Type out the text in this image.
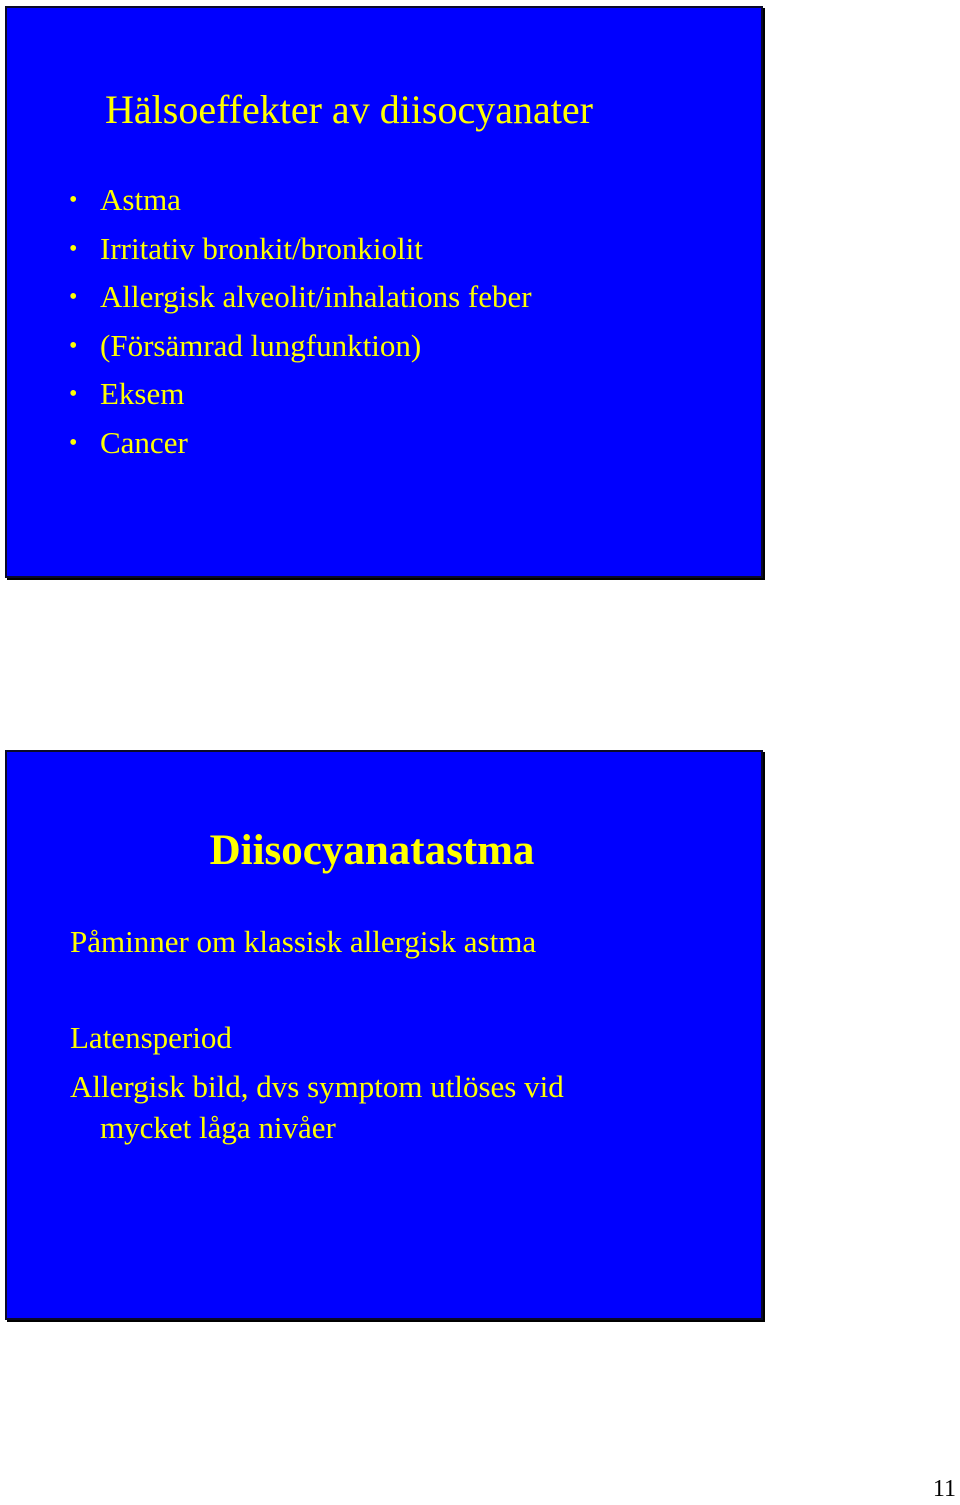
Hälsoeffekter av diisocyanater
• Astma
• Irritativ bronkit/bronkiolit
• Allergisk alveolit/inhalations feber
• (Försämrad lungfunktion)
• Eksem
• Cancer
Diisocyanatastma

Påminner om klassisk allergisk astma

Latensperiod

Allergisk bild, dvs symptom utlöses vid

mycket låga nivåer

11
